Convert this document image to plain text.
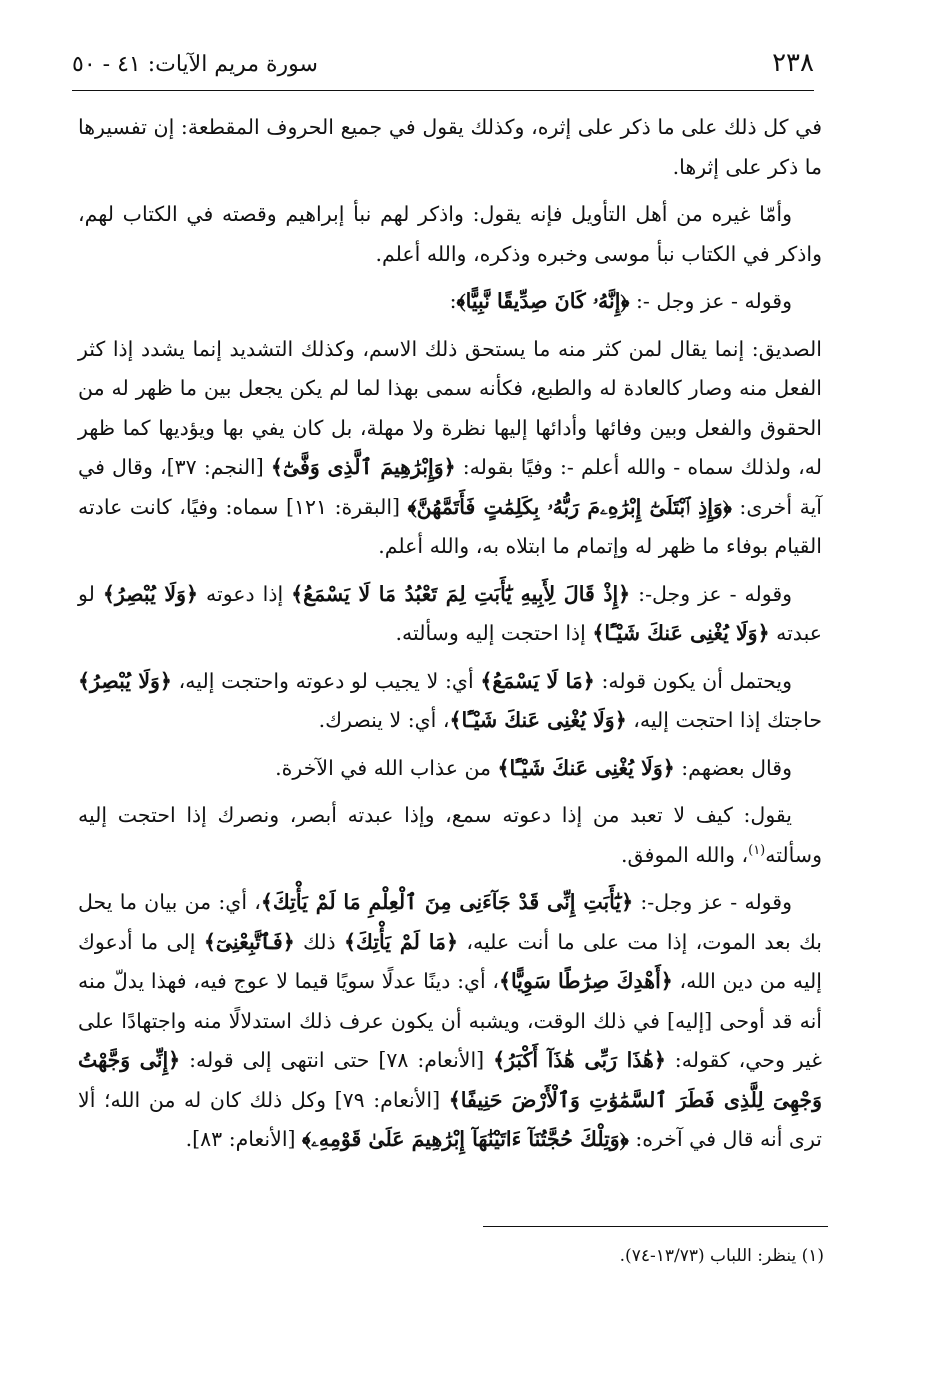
٢٣٨
سورة مريم الآيات: ٤١ - ٥٠

في كل ذلك على ما ذكر على إثره، وكذلك يقول في جميع الحروف المقطعة: إن تفسيرها ما ذكر على إثرها.

وأمّا غيره من أهل التأويل فإنه يقول: واذكر لهم نبأ إبراهيم وقصته في الكتاب لهم، واذكر في الكتاب نبأ موسى وخبره وذكره، والله أعلم.

وقوله - عز وجل -: ﴿إِنَّهُۥ كَانَ صِدِّيقًا نَّبِيًّا﴾:

الصديق: إنما يقال لمن كثر منه ما يستحق ذلك الاسم، وكذلك التشديد إنما يشدد إذا كثر الفعل منه وصار كالعادة له والطبع، فكأنه سمى بهذا لما لم يكن يجعل بين ما ظهر له من الحقوق والفعل وبين وفائها وأدائها إليها نظرة ولا مهلة، بل كان يفي بها ويؤديها كما ظهر له، ولذلك سماه - والله أعلم -: وفيًا بقوله: ﴿وَإِبْرَٰهِيمَ ٱلَّذِى وَفَّىٰٓ﴾ [النجم: ٣٧]، وقال في آية أخرى: ﴿وَإِذِ ٱبْتَلَىٰٓ إِبْرَٰهِۦمَ رَبُّهُۥ بِكَلِمَٰتٍ فَأَتَمَّهُنَّ﴾ [البقرة: ١٢١] سماه: وفيًا، كانت عادته القيام بوفاء ما ظهر له وإتمام ما ابتلاه به، والله أعلم.

وقوله - عز وجل-: ﴿إِذْ قَالَ لِأَبِيهِ يَٰٓأَبَتِ لِمَ تَعْبُدُ مَا لَا يَسْمَعُ﴾ إذا دعوته ﴿وَلَا يُبْصِرُ﴾ لو عبدته ﴿وَلَا يُغْنِى عَنكَ شَيْـًٔا﴾ إذا احتجت إليه وسألته.

ويحتمل أن يكون قوله: ﴿مَا لَا يَسْمَعُ﴾ أي: لا يجيب لو دعوته واحتجت إليه، ﴿وَلَا يُبْصِرُ﴾ حاجتك إذا احتجت إليه، ﴿وَلَا يُغْنِى عَنكَ شَيْـًٔا﴾، أي: لا ينصرك.

وقال بعضهم: ﴿وَلَا يُغْنِى عَنكَ شَيْـًٔا﴾ من عذاب الله في الآخرة.

يقول: كيف لا تعبد من إذا دعوته سمع، وإذا عبدته أبصر، ونصرك إذا احتجت إليه وسألته$^{(١)}$، والله الموفق.

وقوله - عز وجل-: ﴿يَٰٓأَبَتِ إِنِّى قَدْ جَآءَنِى مِنَ ٱلْعِلْمِ مَا لَمْ يَأْتِكَ﴾، أي: من بيان ما يحل بك بعد الموت، إذا مت على ما أنت عليه، ﴿مَا لَمْ يَأْتِكَ﴾ ذلك ﴿فَٱتَّبِعْنِىٓ﴾ إلى ما أدعوك إليه من دين الله، ﴿أَهْدِكَ صِرَٰطًا سَوِيًّا﴾، أي: دينًا عدلًا سويًا قيما لا عوج فيه، فهذا يدلّ منه أنه قد أوحى [إليه] في ذلك الوقت، ويشبه أن يكون عرف ذلك استدلالًا منه واجتهادًا على غير وحي، كقوله: ﴿هَٰذَا رَبِّى هَٰذَآ أَكْبَرُ﴾ [الأنعام: ٧٨] حتى انتهى إلى قوله: ﴿إِنِّى وَجَّهْتُ وَجْهِىَ لِلَّذِى فَطَرَ ٱلسَّمَٰوَٰتِ وَٱلْأَرْضَ حَنِيفًا﴾ [الأنعام: ٧٩] وكل ذلك كان له من الله؛ ألا ترى أنه قال في آخره: ﴿وَتِلْكَ حُجَّتُنَآ ءَاتَيْنَٰهَآ إِبْرَٰهِيمَ عَلَىٰ قَوْمِهِۦ﴾ [الأنعام: ٨٣].

(١) ينظر: اللباب (١٣/٧٣-٧٤).
